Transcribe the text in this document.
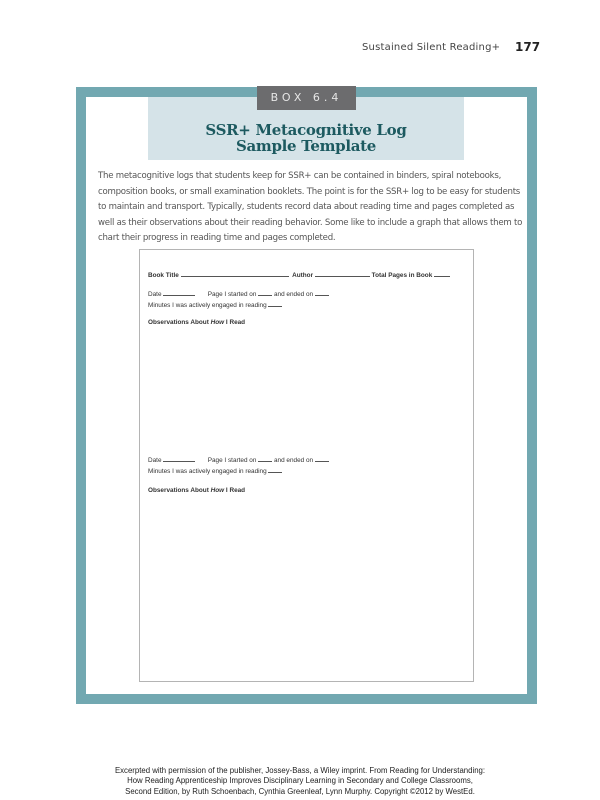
Sustained Silent Reading+ 177
BOX 6.4
SSR+ Metacognitive Log
Sample Template
The metacognitive logs that students keep for SSR+ can be contained in binders, spiral notebooks, composition books, or small examination booklets. The point is for the SSR+ log to be easy for students to maintain and transport. Typically, students record data about reading time and pages completed as well as their observations about their reading behavior. Some like to include a graph that allows them to chart their progress in reading time and pages completed.
Book Title	Author	Total Pages in Book
Date	Page I started on	and ended on
Minutes I was actively engaged in reading
Observations About How I Read
Date	Page I started on	and ended on
Minutes I was actively engaged in reading
Observations About How I Read
Excerpted with permission of the publisher, Jossey-Bass, a Wiley imprint. From Reading for Understanding:
How Reading Apprenticeship Improves Disciplinary Learning in Secondary and College Classrooms,
Second Edition, by Ruth Schoenbach, Cynthia Greenleaf, Lynn Murphy. Copyright ©2012 by WestEd.
